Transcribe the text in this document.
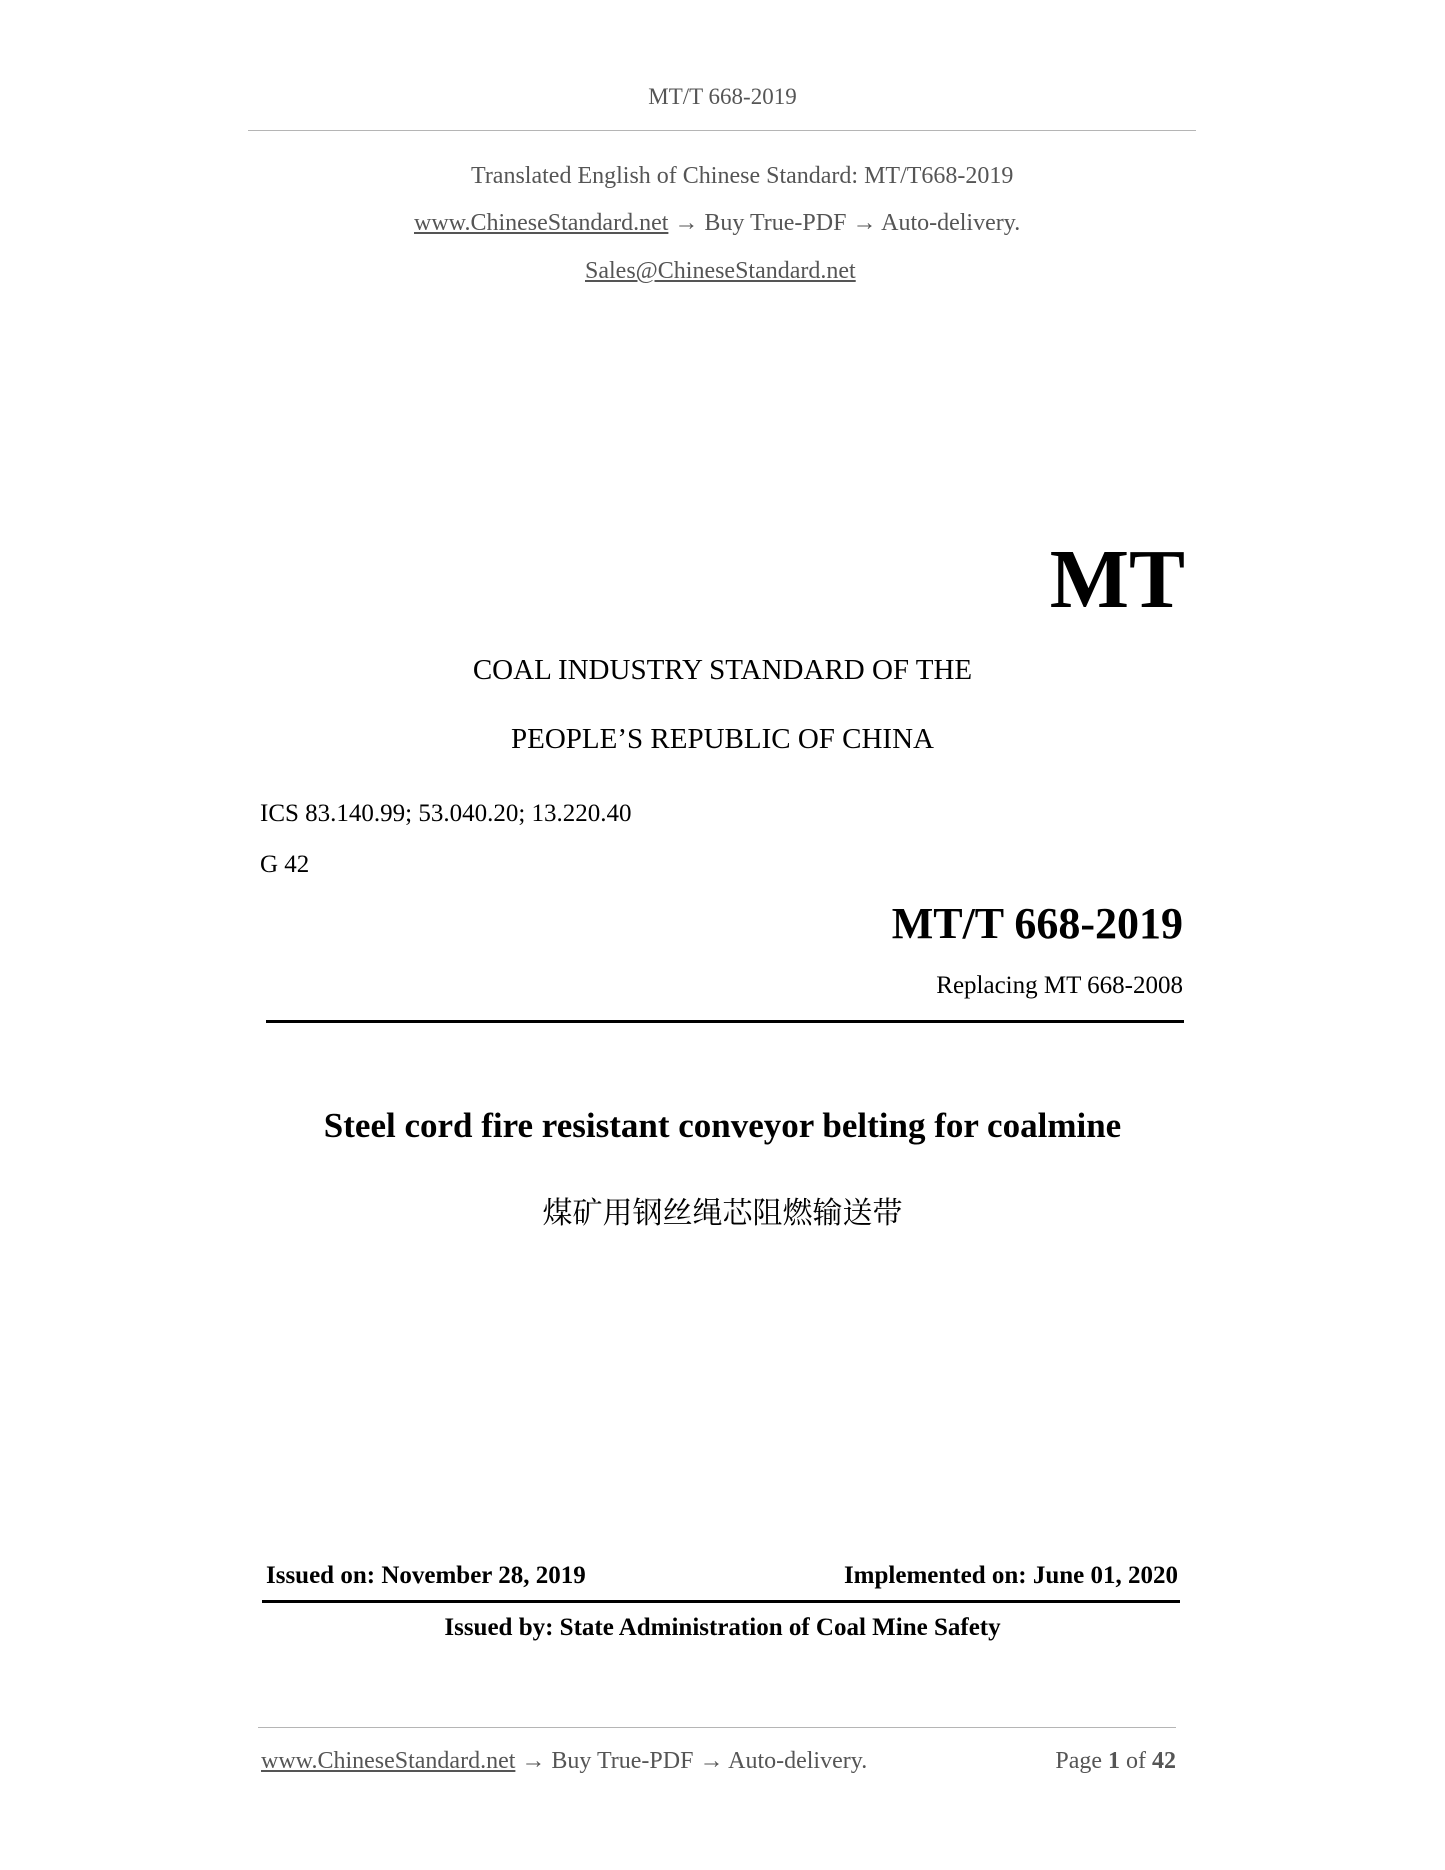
MT/T 668-2019
Translated English of Chinese Standard: MT/T668-2019
www.ChineseStandard.net → Buy True-PDF → Auto-delivery.
Sales@ChineseStandard.net
MT
COAL INDUSTRY STANDARD OF THE
PEOPLE’S REPUBLIC OF CHINA
ICS 83.140.99; 53.040.20; 13.220.40
G 42
MT/T 668-2019
Replacing MT 668-2008
Steel cord fire resistant conveyor belting for coalmine
煤矿用钢丝绳芯阻燃输送带
Issued on: November 28, 2019	Implemented on: June 01, 2020
Issued by: State Administration of Coal Mine Safety
www.ChineseStandard.net → Buy True-PDF → Auto-delivery.	Page 1 of 42
